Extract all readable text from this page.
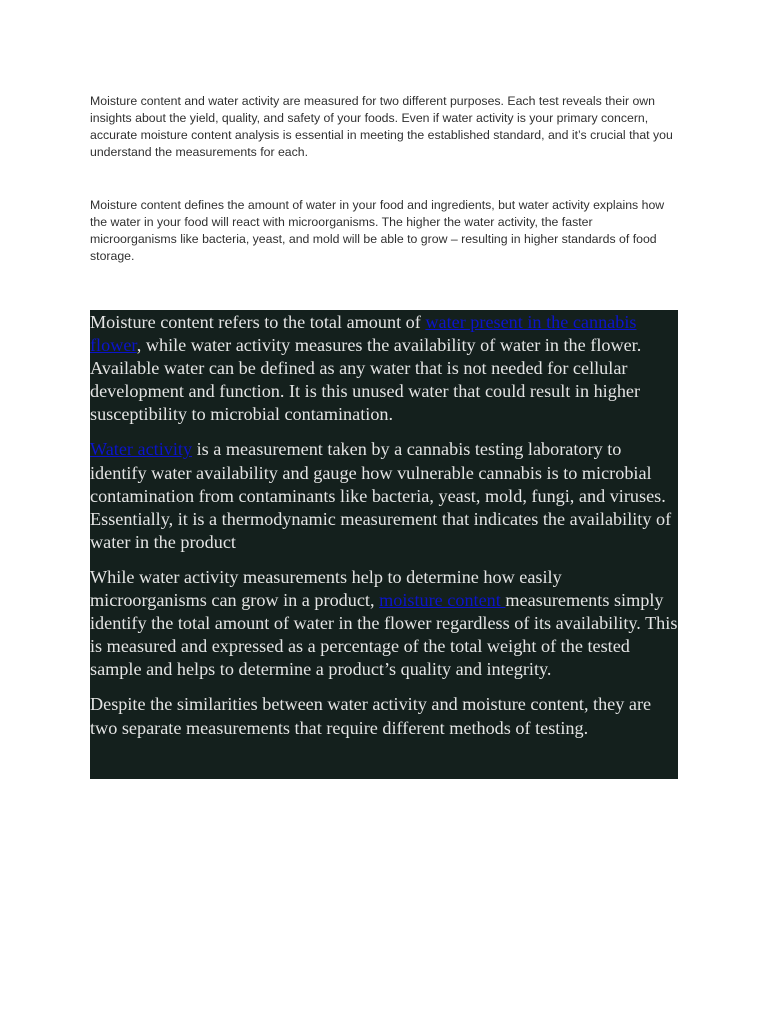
Moisture content and water activity are measured for two different purposes. Each test reveals their own insights about the yield, quality, and safety of your foods. Even if water activity is your primary concern, accurate moisture content analysis is essential in meeting the established standard, and it’s crucial that you understand the measurements for each.

Moisture content defines the amount of water in your food and ingredients, but water activity explains how the water in your food will react with microorganisms. The higher the water activity, the faster microorganisms like bacteria, yeast, and mold will be able to grow – resulting in higher standards of food storage.

Moisture content refers to the total amount of water present in the cannabis flower, while water activity measures the availability of water in the flower. Available water can be defined as any water that is not needed for cellular development and function. It is this unused water that could result in higher susceptibility to microbial contamination.

Water activity is a measurement taken by a cannabis testing laboratory to identify water availability and gauge how vulnerable cannabis is to microbial contamination from contaminants like bacteria, yeast, mold, fungi, and viruses. Essentially, it is a thermodynamic measurement that indicates the availability of water in the product

While water activity measurements help to determine how easily microorganisms can grow in a product, moisture content measurements simply identify the total amount of water in the flower regardless of its availability. This is measured and expressed as a percentage of the total weight of the tested sample and helps to determine a product’s quality and integrity.

Despite the similarities between water activity and moisture content, they are two separate measurements that require different methods of testing.
